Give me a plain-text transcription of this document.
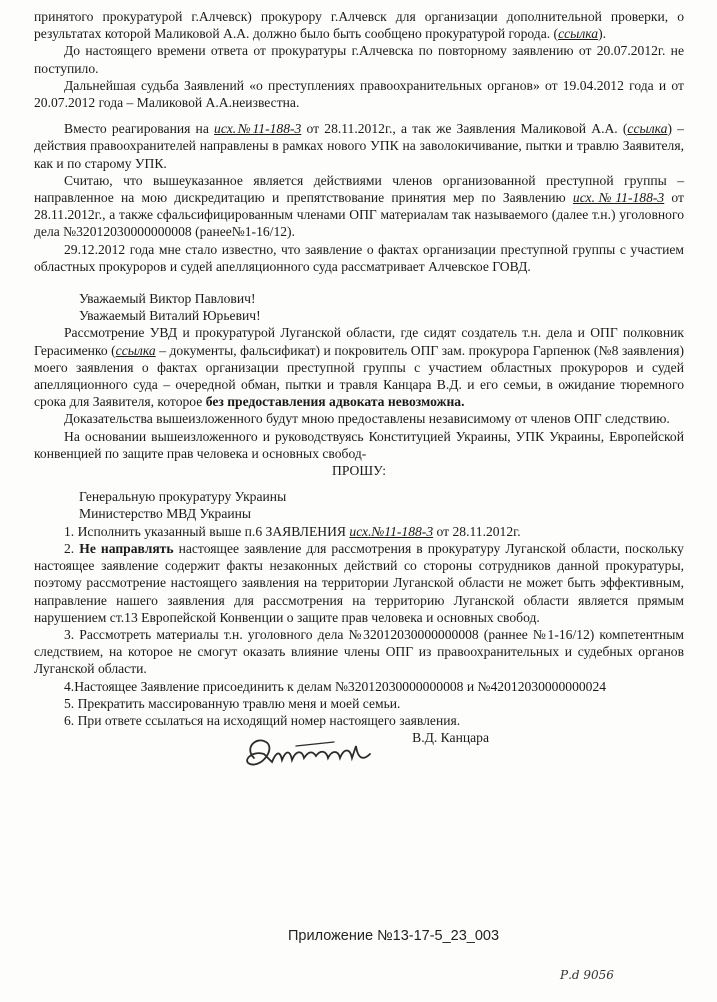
принятого прокуратурой г.Алчевск) прокурору г.Алчевск для организации дополнительной проверки, о результатах которой Маликовой А.А. должно было быть сообщено прокуратурой города. (ссылка).

До настоящего времени ответа от прокуратуры г.Алчевска по повторному заявлению от 20.07.2012г. не поступило.

Дальнейшая судьба Заявлений «о преступлениях правоохранительных органов» от 19.04.2012 года и от 20.07.2012 года – Маликовой А.А.неизвестна.

Вместо реагирования на исх.№11-188-3 от 28.11.2012г., а так же Заявления Маликовой А.А. (ссылка) – действия правоохранителей направлены в рамках нового УПК на заволокичивание, пытки и травлю Заявителя, как и по старому УПК.

Считаю, что вышеуказанное является действиями членов организованной преступной группы – направленное на мою дискредитацию и препятствование принятия мер по Заявлению исх.№11-188-3 от 28.11.2012г., а также сфальсифицированным членами ОПГ материалам так называемого (далее т.н.) уголовного дела №32012030000000008 (ранее№1-16/12).

29.12.2012 года мне стало известно, что заявление о фактах организации преступной группы с участием областных прокуроров и судей апелляционного суда рассматривает Алчевское ГОВД.

Уважаемый Виктор Павлович!

Уважаемый Виталий Юрьевич!

Рассмотрение УВД и прокуратурой Луганской области, где сидят создатель т.н. дела и ОПГ полковник Герасименко (ссылка – документы, фальсификат) и покровитель ОПГ зам. прокурора Гарпенюк (№8 заявления) моего заявления о фактах организации преступной группы с участием областных прокуроров и судей апелляционного суда – очередной обман, пытки и травля Канцара В.Д. и его семьи, в ожидание тюремного срока для Заявителя, которое без предоставления адвоката невозможна.

Доказательства вышеизложенного будут мною предоставлены независимому от членов ОПГ следствию.

На основании вышеизложенного и руководствуясь Конституцией Украины, УПК Украины, Европейской конвенцией по защите прав человека и основных свобод-

ПРОШУ:

Генеральную прокуратуру Украины

Министерство МВД Украины

1. Исполнить указанный выше п.6 ЗАЯВЛЕНИЯ исх.№11-188-3 от 28.11.2012г.

2. Не направлять настоящее заявление для рассмотрения в прокуратуру Луганской области, поскольку настоящее заявление содержит факты незаконных действий со стороны сотрудников данной прокуратуры, поэтому рассмотрение настоящего заявления на территории Луганской области не может быть эффективным, направление нашего заявления для рассмотрения на территорию Луганской области является прямым нарушением ст.13 Европейской Конвенции о защите прав человека и основных свобод.

3. Рассмотреть материалы т.н. уголовного дела №32012030000000008 (раннее №1-16/12) компетентным следствием, на которое не смогут оказать влияние члены ОПГ из правоохранительных и судебных органов Луганской области.

4.Настоящее Заявление присоединить к делам №32012030000000008 и №42012030000000024

5. Прекратить массированную травлю меня и моей семьи.

6. При ответе ссылаться на исходящий номер настоящего заявления.

В.Д. Канцара

Приложение №13-17-5_23_003
Р.d 9056
